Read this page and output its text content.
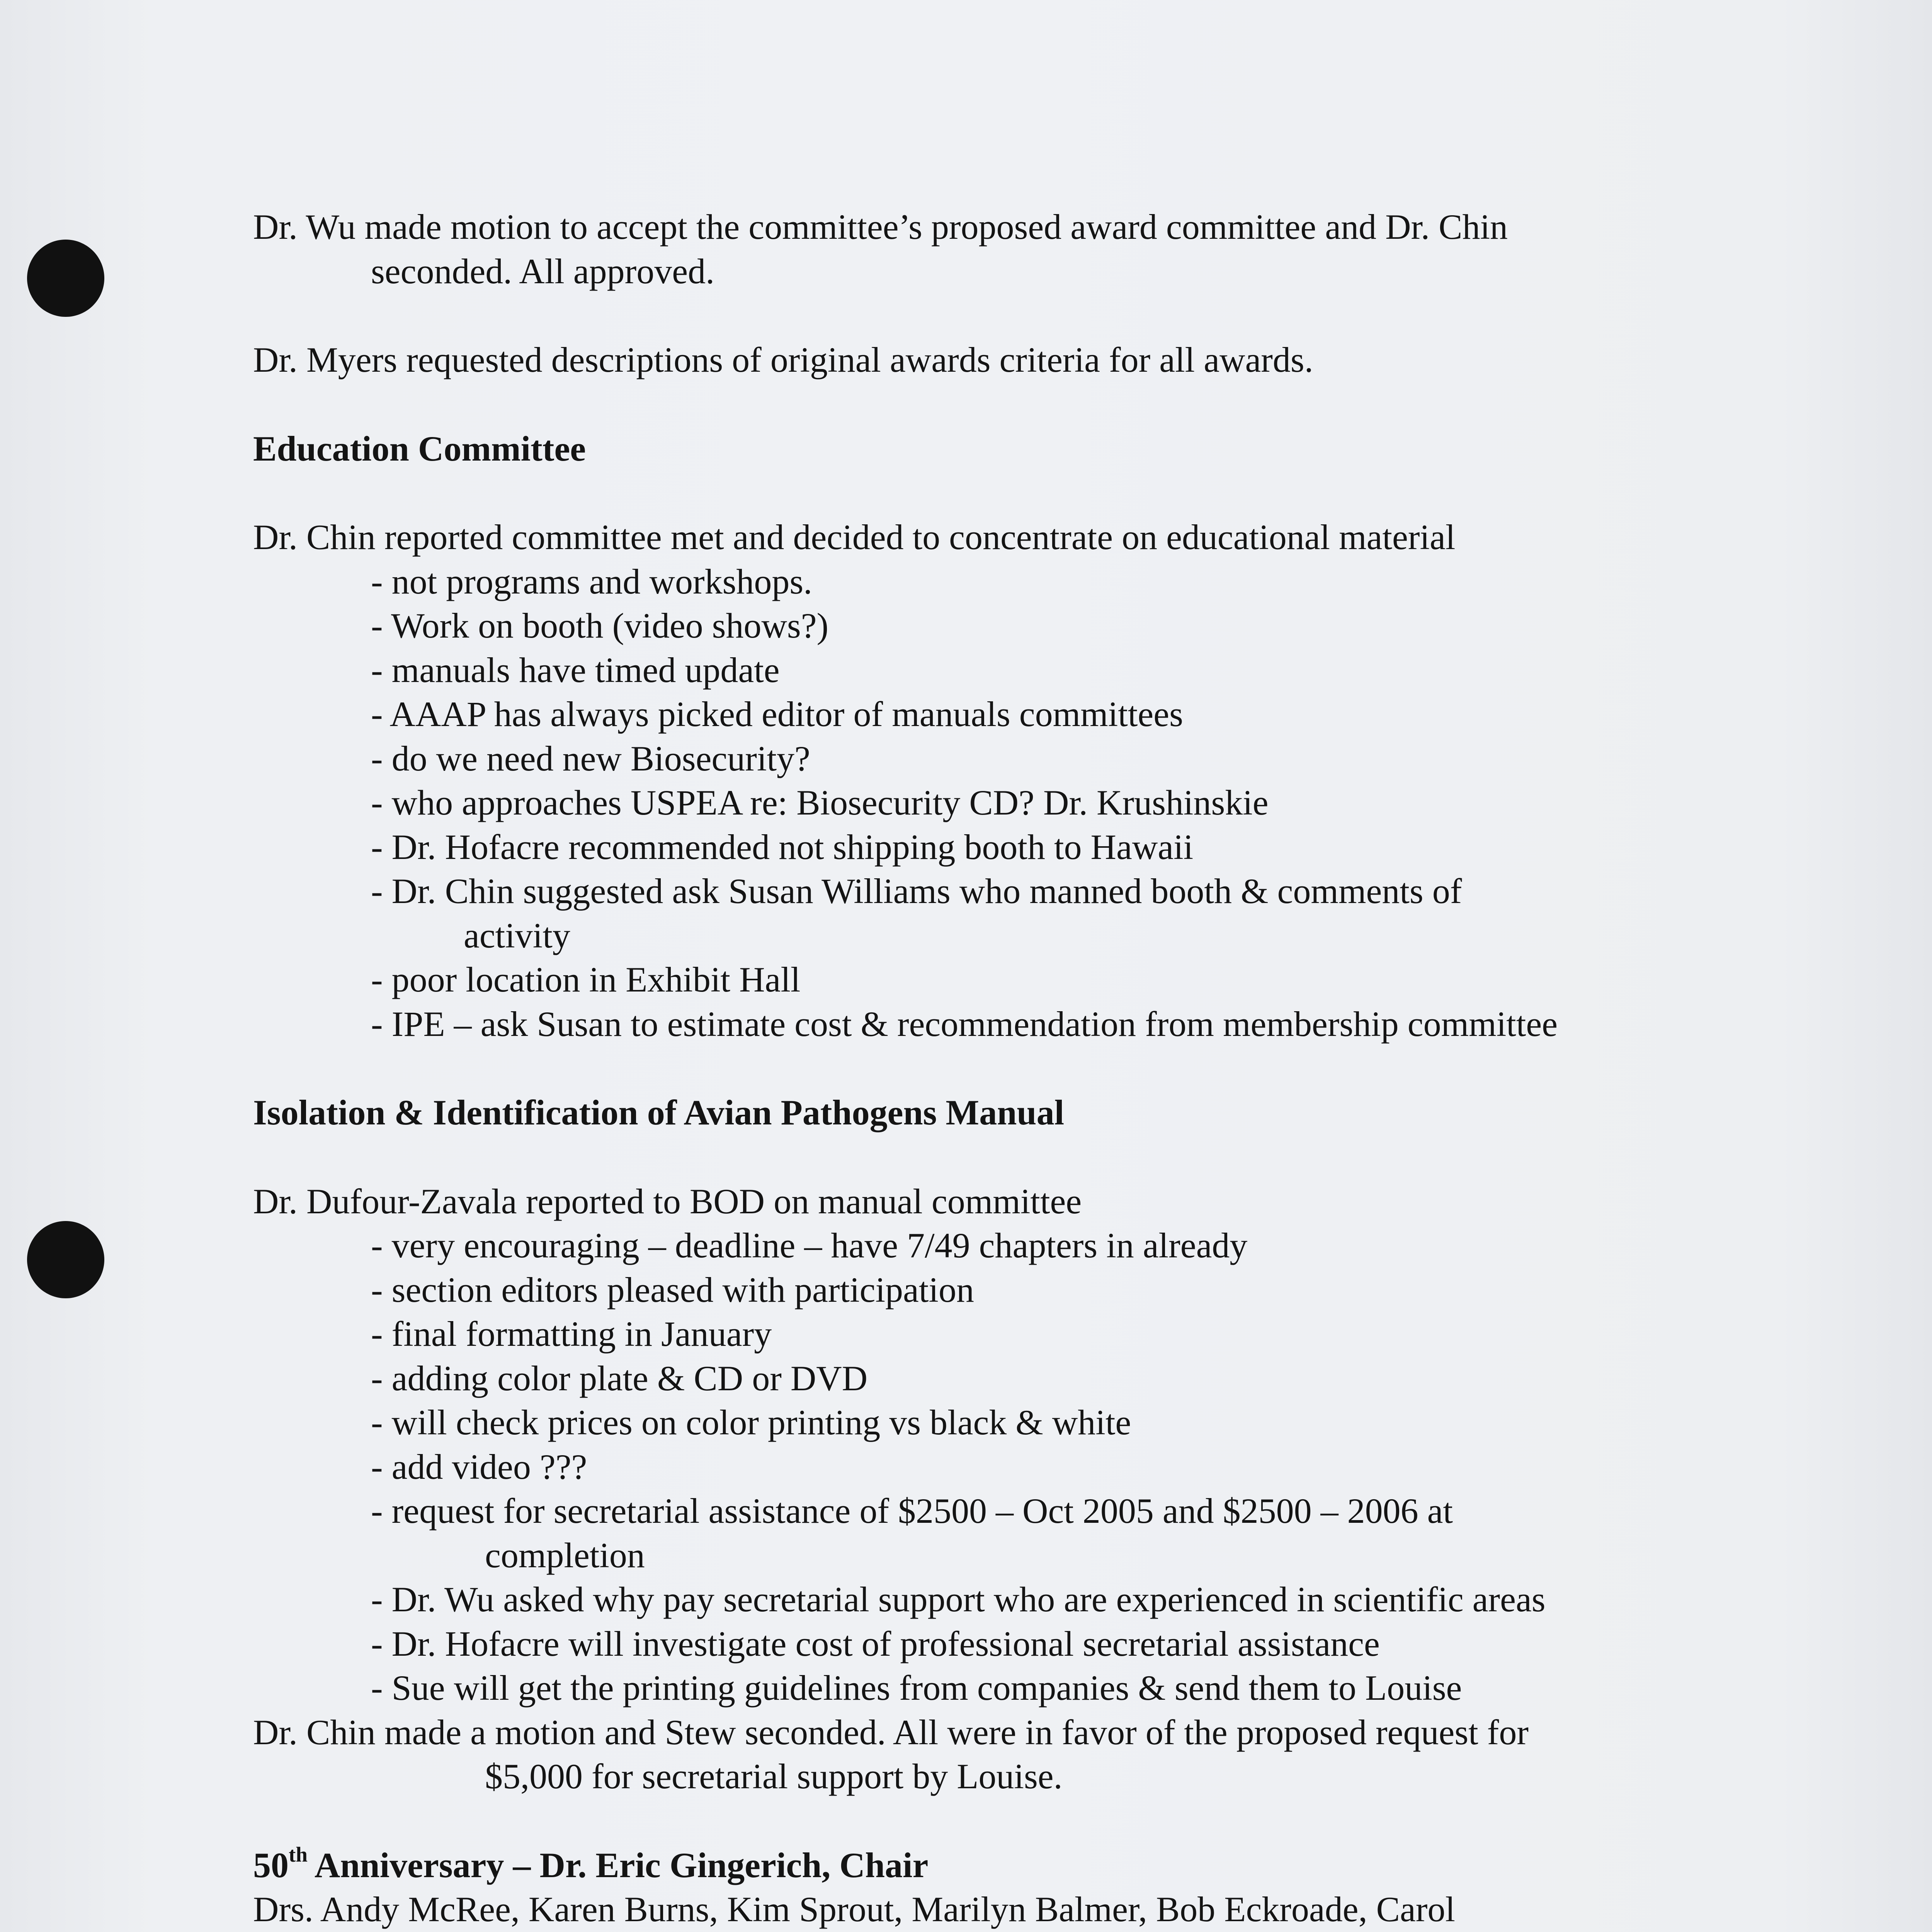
Dr. Wu made motion to accept the committee’s proposed award committee and Dr. Chin

seconded. All approved.

Dr. Myers requested descriptions of original awards criteria for all awards.

Education Committee

Dr. Chin reported committee met and decided to concentrate on educational material

- not programs and workshops.

- Work on booth (video shows?)

- manuals have timed update

- AAAP has always picked editor of manuals committees

- do we need new Biosecurity?

- who approaches USPEA re: Biosecurity CD? Dr. Krushinskie

- Dr. Hofacre recommended not shipping booth to Hawaii

- Dr. Chin suggested ask Susan Williams who manned booth & comments of

activity

- poor location in Exhibit Hall

- IPE – ask Susan to estimate cost & recommendation from membership committee

Isolation & Identification of Avian Pathogens Manual

Dr. Dufour-Zavala reported to BOD on manual committee

- very encouraging – deadline – have 7/49 chapters in already

- section editors pleased with participation

- final formatting in January

- adding color plate & CD or DVD

- will check prices on color printing vs black & white

- add video ???

- request for secretarial assistance of $2500 – Oct 2005 and $2500 – 2006 at

completion

- Dr. Wu asked why pay secretarial support who are experienced in scientific areas

- Dr. Hofacre will investigate cost of professional secretarial assistance

- Sue will get the printing guidelines from companies & send them to Louise

Dr. Chin made a motion and Stew seconded. All were in favor of the proposed request for

$5,000 for secretarial support by Louise.

50th Anniversary – Dr. Eric Gingerich, Chair

Drs. Andy McRee, Karen Burns, Kim Sprout, Marilyn Balmer, Bob Eckroade, Carol
